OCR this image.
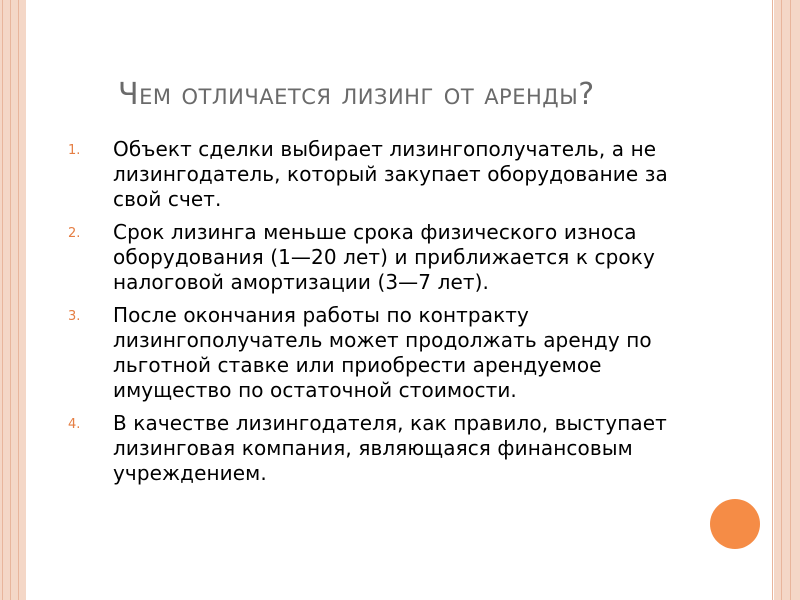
Чем отличается лизинг от аренды?
1.	Объект сделки выбирает лизингополучатель, а не лизингодатель, который закупает оборудование за свой счет.
2.	Срок лизинга меньше срока физического износа оборудования (1—20 лет) и приближается к сроку налоговой амортизации (3—7 лет).
3.	После окончания работы по контракту лизингополучатель может продолжать аренду по льготной ставке или приобрести арендуемое имущество по остаточной стоимости.
4.	В качестве лизингодателя, как правило, выступает лизинговая компания, являющаяся финансовым учреждением.
